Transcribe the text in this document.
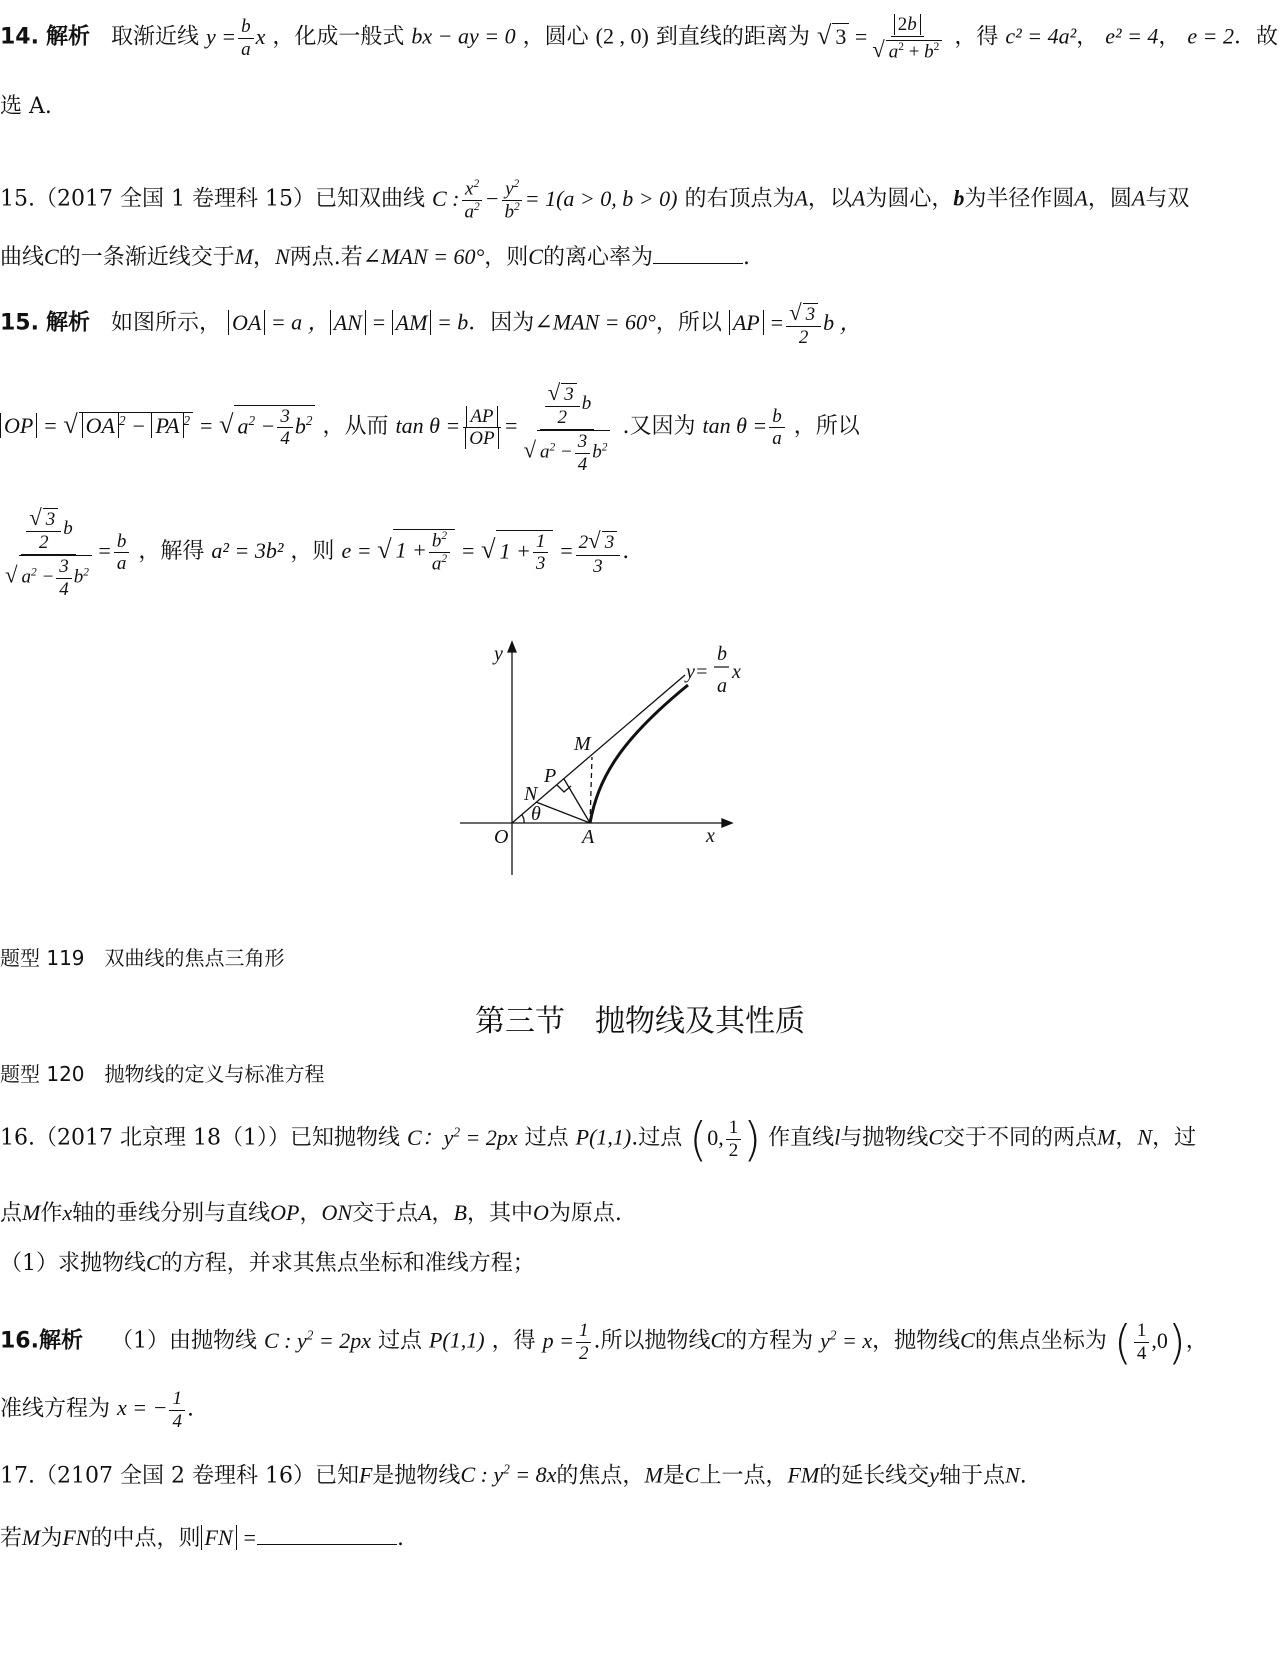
14. 解析 取渐近线 $y = \frac{b}{a}$ x ，化成一般式 bx − ay = 0 ，圆心 (2 , 0) 到直线的距离为 √ $3 = \frac{2b}{√ a^2 + b^2}$ ，得 c² = 4a²， e² = 4， e = 2．故
选 A.
15.（2017 全国 1 卷理科 15）已知双曲线 C : $\frac{x^2}{a^2} - \frac{y^2}{b^2} = 1(a > 0$, b > 0) 的右顶点为A，以A为圆心，b为半径作圆A，圆A与双
曲线C的一条渐近线交于M，N两点.若∠MAN = 60°，则C的离心率为	.
15. 解析 如图所示， OA = a ， AN = AM = b．因为∠MAN = 60°，所以 AP = $\frac{√ 3}{2}$ b ，
OP = √ OA $^2$ − PA $^2$ = √ $a^2 - \frac{3}{4} b^2$ ，从而 $\tan \theta = \frac{AP}{OP} = \frac{\frac{√ 3}{2} b}{√ a^2 - \frac{3}{4} b^2}$ .又因为 $\tan \theta = \frac{b}{a}$ ，所以
$\frac{\frac{√ 3}{2} b}{√ a^2 - \frac{3}{4} b^2} = \frac{b}{a}$ ，解得 a² = 3b² ，则 e = √ $1 + \frac{b^2}{a^2}$ = √ $1 + \frac{1}{3} = \frac{2√ 3}{3}$ .
y
x
O	A
M
N
P
θ
y=
b
a
x
题型 119　双曲线的焦点三角形
第三节　抛物线及其性质
题型 120　抛物线的定义与标准方程
16.（2017 北京理 18（1））已知抛物线 C：$y^2 = 2px$ 过点 P(1,1).过点 (0, $\frac{1}{2}$ ) 作直线l与抛物线C交于不同的两点M，N，过
点M作x轴的垂线分别与直线OP，ON交于点A，B，其中O为原点.
（1）求抛物线C的方程，并求其焦点坐标和准线方程；
16.解析 （1）由抛物线 C : $y^2 = 2px$ 过点 P(1,1) ，得 $p = \frac{1}{2}$ .所以抛物线C的方程为 $y^2 = x$，抛物线C的焦点坐标为 ( $\frac{1}{4} ,0$)，
准线方程为 x = − $\frac{1}{4}$ .
17.（2107 全国 2 卷理科 16）已知F是抛物线C : $y^2 = 8x$的焦点，M是C上一点，FM的延长线交y轴于点N.
若M为FN的中点，则 FN =	.
